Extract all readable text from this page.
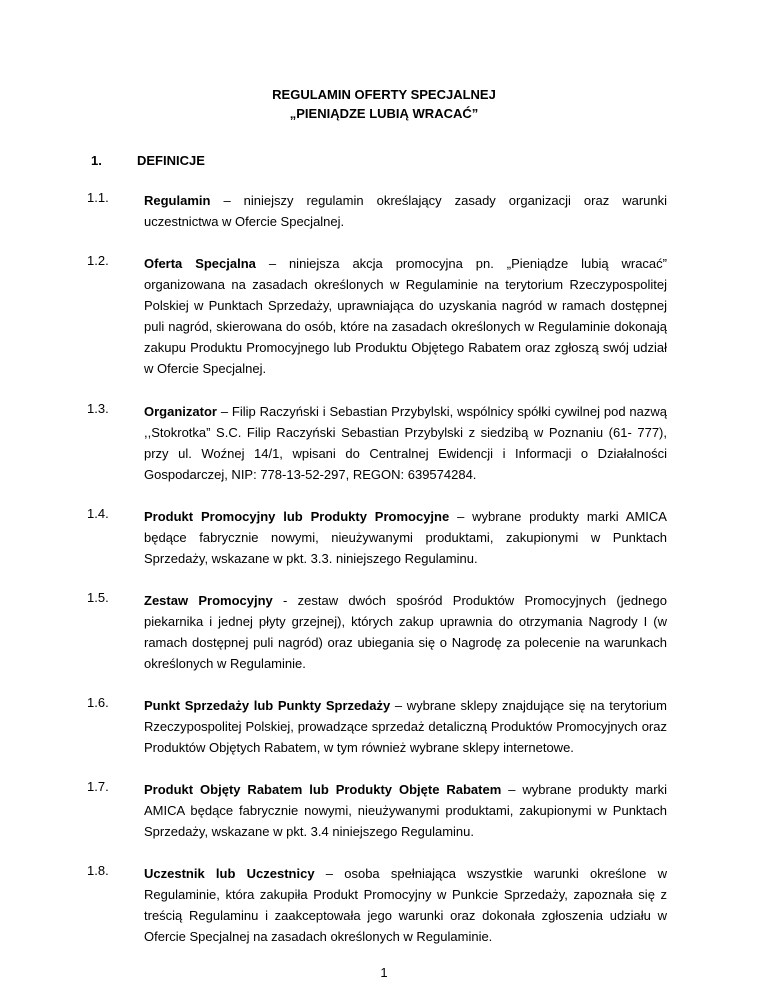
REGULAMIN OFERTY SPECJALNEJ
„PIENIĄDZE LUBIĄ WRACAĆ”
1.	DEFINICJE
1.1.	Regulamin – niniejszy regulamin określający zasady organizacji oraz warunki uczestnictwa w Ofercie Specjalnej.
1.2.	Oferta Specjalna – niniejsza akcja promocyjna pn. „Pieniądze lubią wracać” organizowana na zasadach określonych w Regulaminie na terytorium Rzeczypospolitej Polskiej w Punktach Sprzedaży, uprawniająca do uzyskania nagród w ramach dostępnej puli nagród, skierowana do osób, które na zasadach określonych w Regulaminie dokonają zakupu Produktu Promocyjnego lub Produktu Objętego Rabatem oraz zgłoszą swój udział w Ofercie Specjalnej.
1.3.	Organizator – Filip Raczyński i Sebastian Przybylski, wspólnicy spółki cywilnej pod nazwą ,,Stokrotka” S.C. Filip Raczyński Sebastian Przybylski z siedzibą w Poznaniu (61- 777), przy ul. Woźnej 14/1, wpisani do Centralnej Ewidencji i Informacji o Działalności Gospodarczej, NIP: 778-13-52-297, REGON: 639574284.
1.4.	Produkt Promocyjny lub Produkty Promocyjne – wybrane produkty marki AMICA będące fabrycznie nowymi, nieużywanymi produktami, zakupionymi w Punktach Sprzedaży, wskazane w pkt. 3.3. niniejszego Regulaminu.
1.5.	Zestaw Promocyjny - zestaw dwóch spośród Produktów Promocyjnych (jednego piekarnika i jednej płyty grzejnej), których zakup uprawnia do otrzymania Nagrody I (w ramach dostępnej puli nagród) oraz ubiegania się o Nagrodę za polecenie na warunkach określonych w Regulaminie.
1.6.	Punkt Sprzedaży lub Punkty Sprzedaży – wybrane sklepy znajdujące się na terytorium Rzeczypospolitej Polskiej, prowadzące sprzedaż detaliczną Produktów Promocyjnych oraz Produktów Objętych Rabatem, w tym również wybrane sklepy internetowe.
1.7.	Produkt Objęty Rabatem lub Produkty Objęte Rabatem – wybrane produkty marki AMICA będące fabrycznie nowymi, nieużywanymi produktami, zakupionymi w Punktach Sprzedaży, wskazane w pkt. 3.4 niniejszego Regulaminu.
1.8.	Uczestnik lub Uczestnicy – osoba spełniająca wszystkie warunki określone w Regulaminie, która zakupiła Produkt Promocyjny w Punkcie Sprzedaży, zapoznała się z treścią Regulaminu i zaakceptowała jego warunki oraz dokonała zgłoszenia udziału w Ofercie Specjalnej na zasadach określonych w Regulaminie.
1
